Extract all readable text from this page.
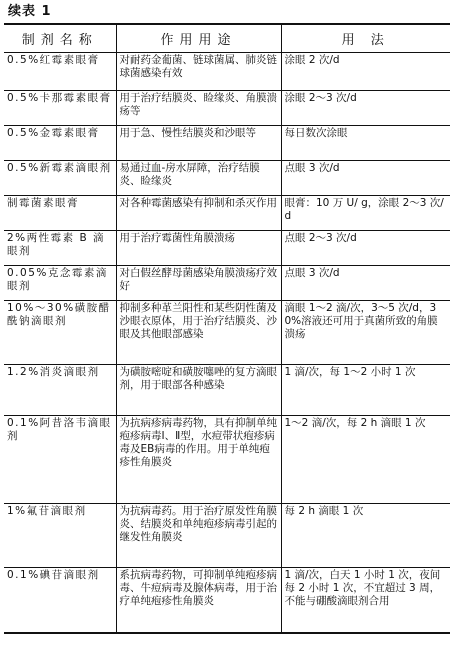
续表 1
制剂名称	作用用途	用 法
0.5%红霉素眼膏	对耐药金葡菌、链球菌属、肺炎链球菌感染有效	涂眼 2 次/d
0.5%卡那霉素眼膏	用于治疗结膜炎、睑缘炎、角膜溃疡等	涂眼 2～3 次/d
0.5%金霉素眼膏	用于急、慢性结膜炎和沙眼等	每日数次涂眼
0.5%新霉素滴眼剂	易通过血-房水屏障，治疗结膜炎、睑缘炎	点眼 3 次/d
制霉菌素眼膏	对各种霉菌感染有抑制和杀灭作用	眼膏：10 万 U/ g，涂眼 2～3 次/d
2%两性霉素 B 滴眼剂	用于治疗霉菌性角膜溃疡	点眼 2～3 次/d
0.05%克念霉素滴眼剂	对白假丝酵母菌感染角膜溃疡疗效好	点眼 3 次/d
10%～30%磺胺醋酰钠滴眼剂	抑制多种革兰阳性和某些阴性菌及沙眼衣原体，用于治疗结膜炎、沙眼及其他眼部感染	滴眼 1～2 滴/次，3～5 次/d，30%溶液还可用于真菌所致的角膜溃疡
1.2%消炎滴眼剂	为磺胺嘧啶和磺胺噻唑的复方滴眼剂，用于眼部各种感染	1 滴/次，每 1～2 小时 1 次
0.1%阿昔洛韦滴眼剂	为抗病疹病毒药物，具有抑制单纯疱疹病毒Ⅰ、Ⅱ型，水痘带状疱疹病毒及EB病毒的作用。用于单纯疱疹性角膜炎	1～2 滴/次，每 2 h 滴眼 1 次
1%氟苷滴眼剂	为抗病毒药。用于治疗原发性角膜炎、结膜炎和单纯疱疹病毒引起的继发性角膜炎	每 2 h 滴眼 1 次
0.1%碘苷滴眼剂	系抗病毒药物，可抑制单纯疱疹病毒、牛痘病毒及腺体病毒，用于治疗单纯疱疹性角膜炎	1 滴/次，白天 1 小时 1 次，夜间每 2 小时 1 次，不宜超过 3 周，不能与硼酸滴眼剂合用
